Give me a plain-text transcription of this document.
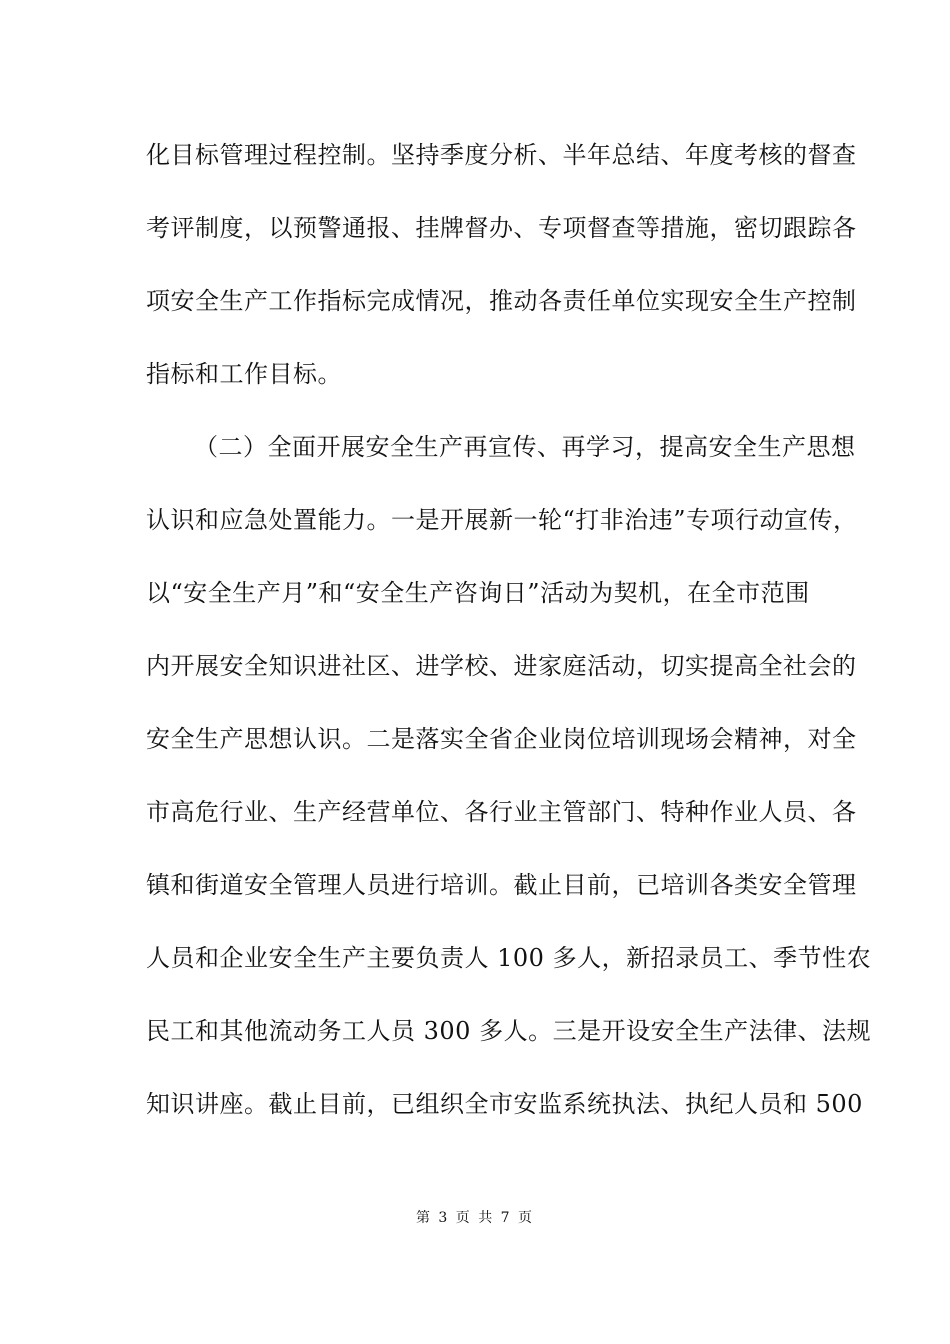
化目标管理过程控制。坚持季度分析、半年总结、年度考核的督查
考评制度，以预警通报、挂牌督办、专项督查等措施，密切跟踪各
项安全生产工作指标完成情况，推动各责任单位实现安全生产控制
指标和工作目标。
（二）全面开展安全生产再宣传、再学习，提高安全生产思想
认识和应急处置能力。一是开展新一轮“打非治违”专项行动宣传，
以“安全生产月”和“安全生产咨询日”活动为契机，在全市范围
内开展安全知识进社区、进学校、进家庭活动，切实提高全社会的
安全生产思想认识。二是落实全省企业岗位培训现场会精神，对全
市高危行业、生产经营单位、各行业主管部门、特种作业人员、各
镇和街道安全管理人员进行培训。截止目前，已培训各类安全管理
人员和企业安全生产主要负责人 100 多人，新招录员工、季节性农
民工和其他流动务工人员 300 多人。三是开设安全生产法律、法规
知识讲座。截止目前，已组织全市安监系统执法、执纪人员和 500
第 3 页 共 7 页
